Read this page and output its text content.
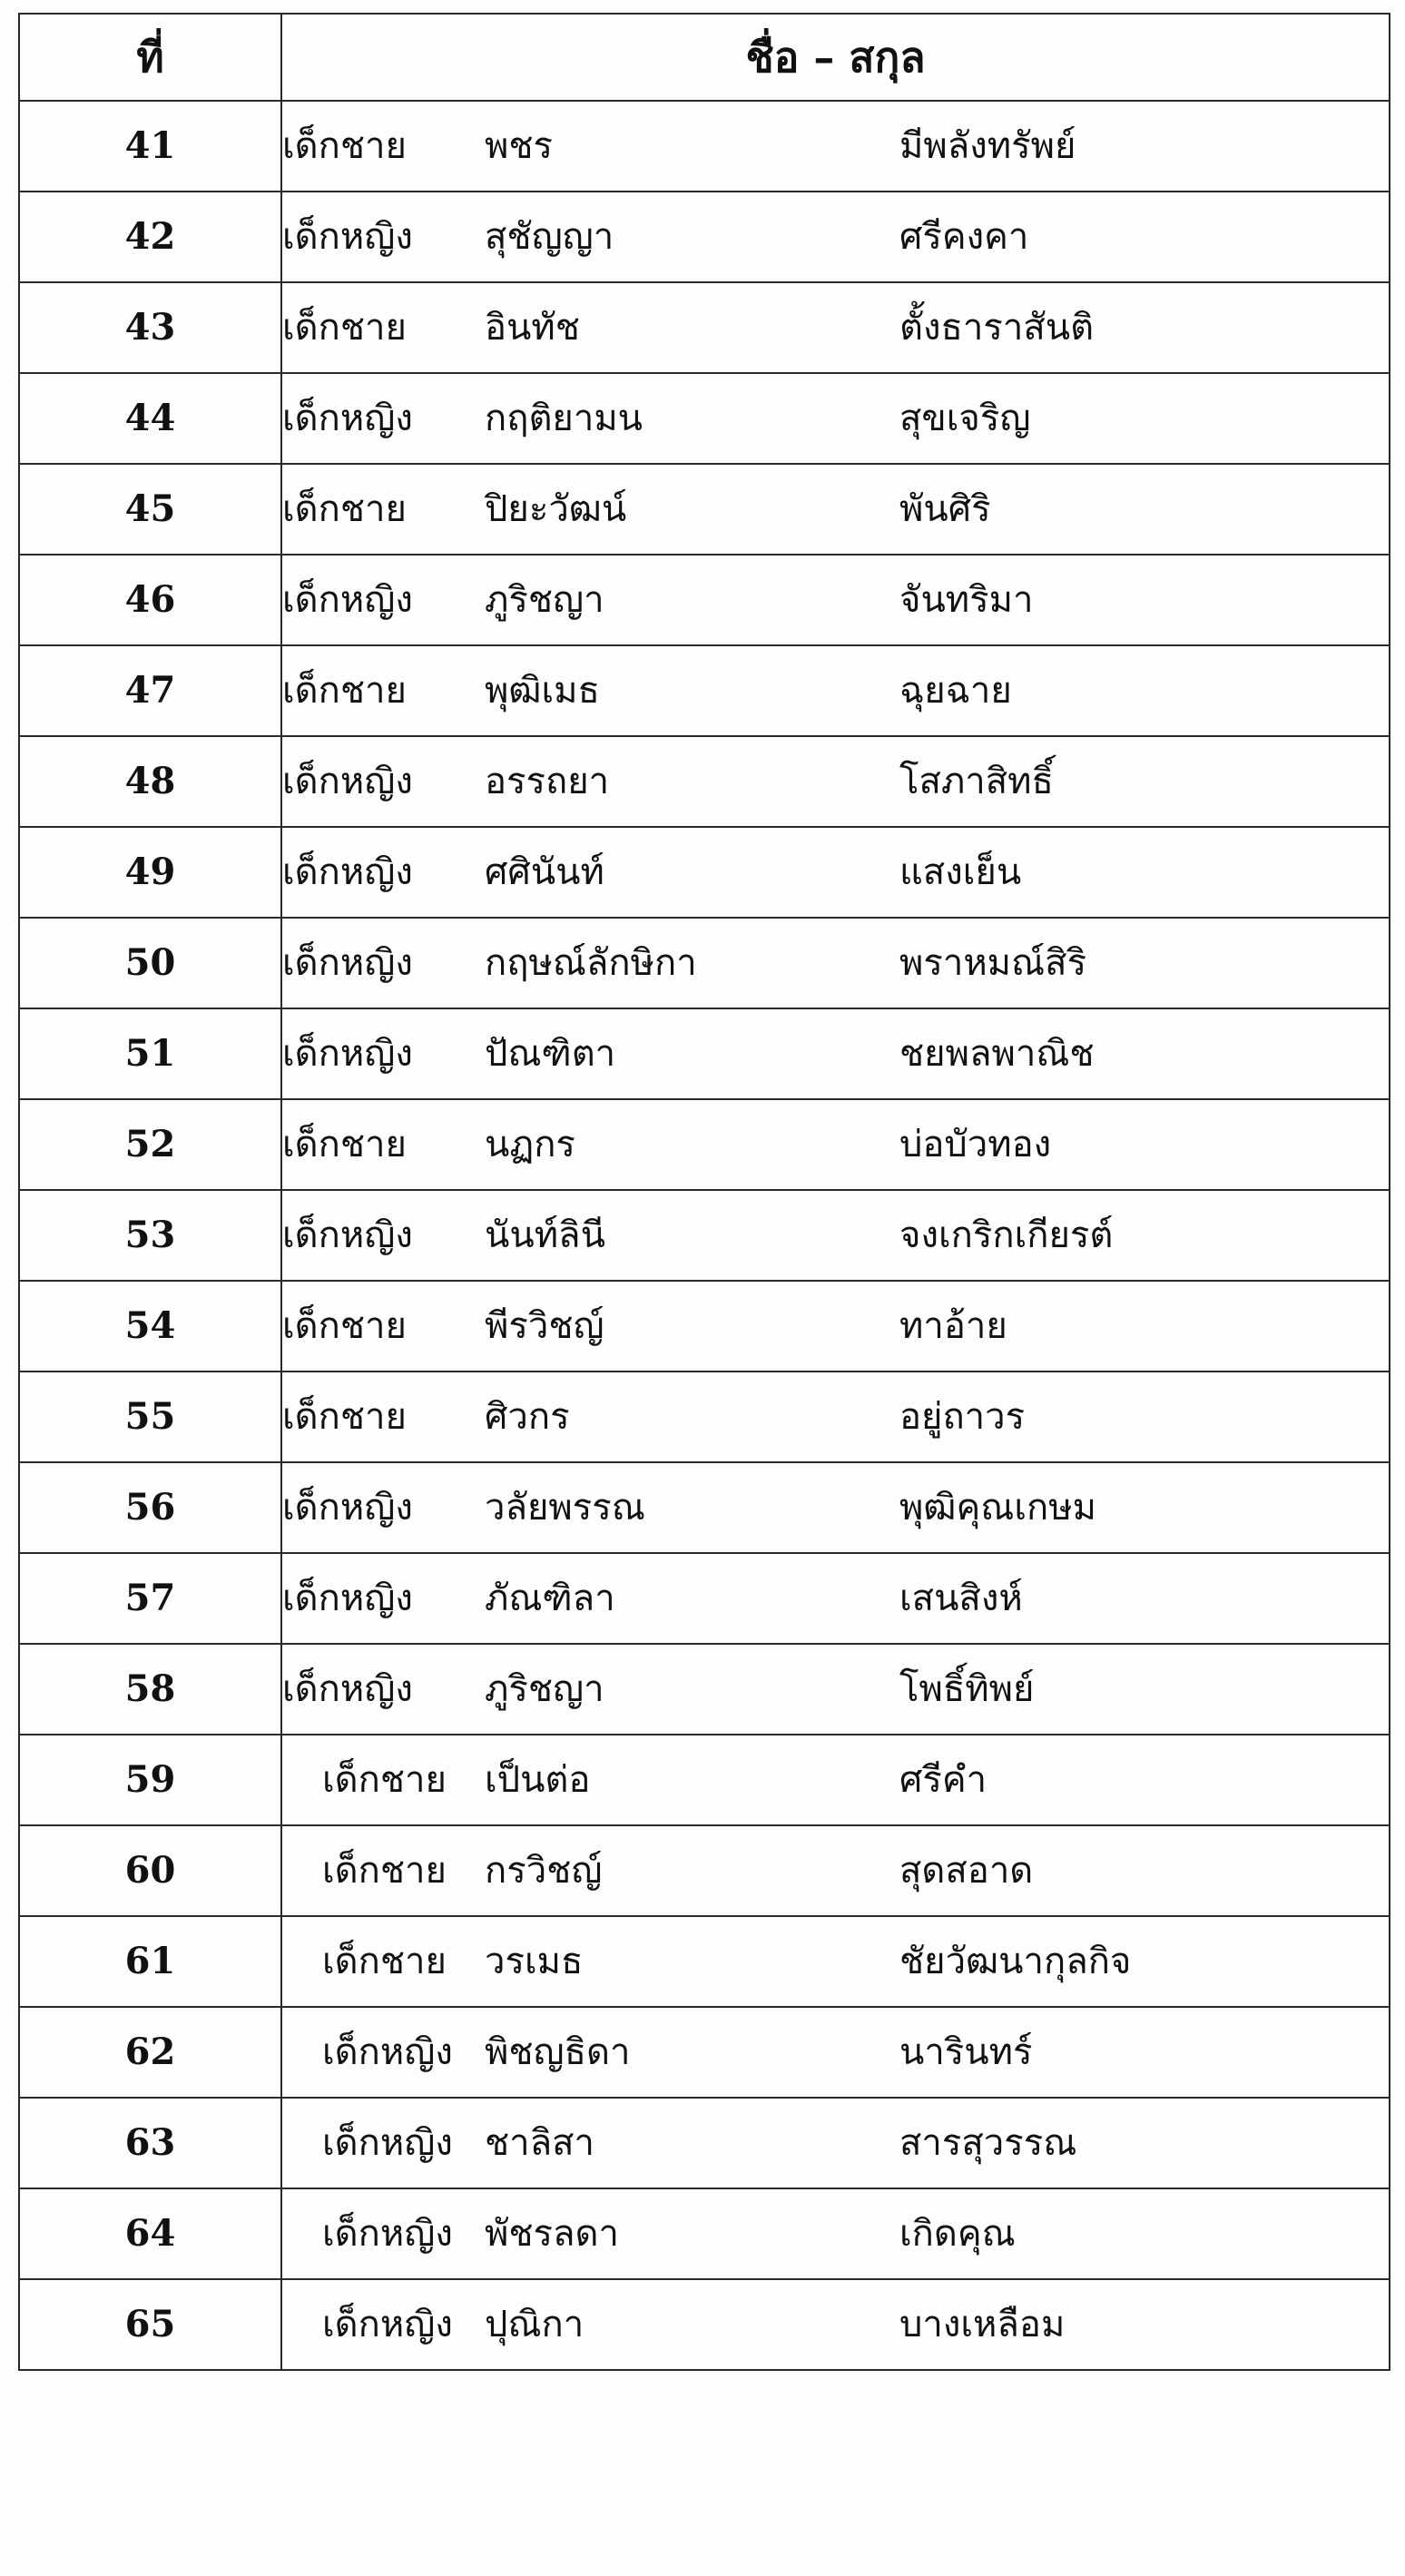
ที่	ชื่อ – สกุล		
41	เด็กชาย	พชร	มีพลังทรัพย์
42	เด็กหญิง	สุชัญญา	ศรีคงคา
43	เด็กชาย	อินทัช	ตั้งธาราสันติ
44	เด็กหญิง	กฤติยามน	สุขเจริญ
45	เด็กชาย	ปิยะวัฒน์	พันศิริ
46	เด็กหญิง	ภูริชญา	จันทริมา
47	เด็กชาย	พุฒิเมธ	ฉุยฉาย
48	เด็กหญิง	อรรถยา	โสภาสิทธิ์
49	เด็กหญิง	ศศินันท์	แสงเย็น
50	เด็กหญิง	กฤษณ์ลักษิกา	พราหมณ์สิริ
51	เด็กหญิง	ปัณฑิตา	ชยพลพาณิช
52	เด็กชาย	นฏกร	บ่อบัวทอง
53	เด็กหญิง	นันท์ลินี	จงเกริกเกียรต์
54	เด็กชาย	พีรวิชญ์	ทาอ้าย
55	เด็กชาย	ศิวกร	อยู่ถาวร
56	เด็กหญิง	วลัยพรรณ	พุฒิคุณเกษม
57	เด็กหญิง	ภัณฑิลา	เสนสิงห์
58	เด็กหญิง	ภูริชญา	โพธิ์ทิพย์
59	เด็กชาย	เป็นต่อ	ศรีคำ
60	เด็กชาย	กรวิชญ์	สุดสอาด
61	เด็กชาย	วรเมธ	ชัยวัฒนากุลกิจ
62	เด็กหญิง	พิชญธิดา	นารินทร์
63	เด็กหญิง	ชาลิสา	สารสุวรรณ
64	เด็กหญิง	พัชรลดา	เกิดคุณ
65	เด็กหญิง	ปุณิกา	บางเหลือม
